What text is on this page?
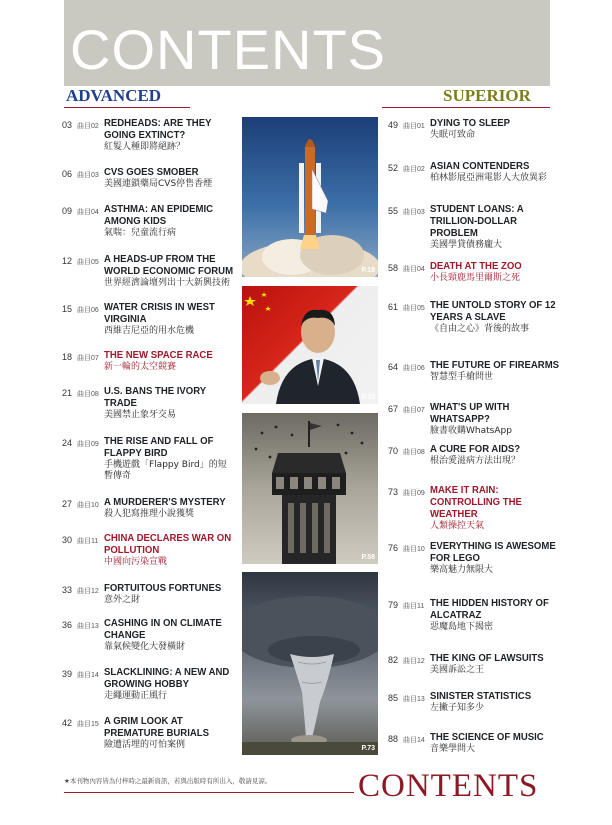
CONTENTS
ADVANCED	SUPERIOR
03 曲目02 REDHEADS: ARE THEY GOING EXTINCT?
紅髮人種即將絕跡？
06 曲目03 CVS GOES SMOBER
美國連鎖藥局CVS停售香煙
09 曲目04 ASTHMA: AN EPIDEMIC AMONG KIDS
氣喘：兒童流行病
12 曲目05 A HEADS-UP FROM THE WORLD ECONOMIC FORUM
世界經濟論壇列出十大新興技術
15 曲目06 WATER CRISIS IN WEST VIRGINIA
西維吉尼亞的用水危機
18 曲目07 THE NEW SPACE RACE
新一輪的太空競賽
21 曲目08 U.S. BANS THE IVORY TRADE
美國禁止象牙交易
24 曲目09 THE RISE AND FALL OF FLAPPY BIRD
手機遊戲「Flappy Bird」的短暫傳奇
27 曲目10 A MURDERER'S MYSTERY
殺人犯寫推理小說獲獎
30 曲目11 CHINA DECLARES WAR ON POLLUTION
中國向污染宣戰
33 曲目12 FORTUITOUS FORTUNES
意外之財
36 曲目13 CASHING IN ON CLIMATE CHANGE
靠氣候變化大發橫財
39 曲目14 SLACKLINING: A NEW AND GROWING HOBBY
走繩運動正風行
42 曲目15 A GRIM LOOK AT PREMATURE BURIALS
險遭活埋的可怕案例
P.18
P.30
P.58
P.73
49 曲目01 DYING TO SLEEP
失眠可致命
52 曲目02 ASIAN CONTENDERS
柏林影展亞洲電影人大放異彩
55 曲目03 STUDENT LOANS: A TRILLION-DOLLAR PROBLEM
美國學貸債務龐大
58 曲目04 DEATH AT THE ZOO
小長頸鹿馬里爾斯之死
61 曲目05 THE UNTOLD STORY OF 12 YEARS A SLAVE
《自由之心》背後的故事
64 曲目06 THE FUTURE OF FIREARMS
智慧型手槍問世
67 曲目07 WHAT'S UP WITH WHATSAPP?
臉書收購WhatsApp
70 曲目08 A CURE FOR AIDS?
根治愛滋病方法出現？
73 曲目09 MAKE IT RAIN: CONTROLLING THE WEATHER
人類操控天氣
76 曲目10 EVERYTHING IS AWESOME FOR LEGO
樂高魅力無限大
79 曲目11 THE HIDDEN HISTORY OF ALCATRAZ
惡魔島地下揭密
82 曲目12 THE KING OF LAWSUITS
美國訴訟之王
85 曲目13 SINISTER STATISTICS
左撇子知多少
88 曲目14 THE SCIENCE OF MUSIC
音樂學問大
★本刊物內容皆為付梓時之最新資訊，若與出版時有所出入，敬請見諒。	CONTENTS
